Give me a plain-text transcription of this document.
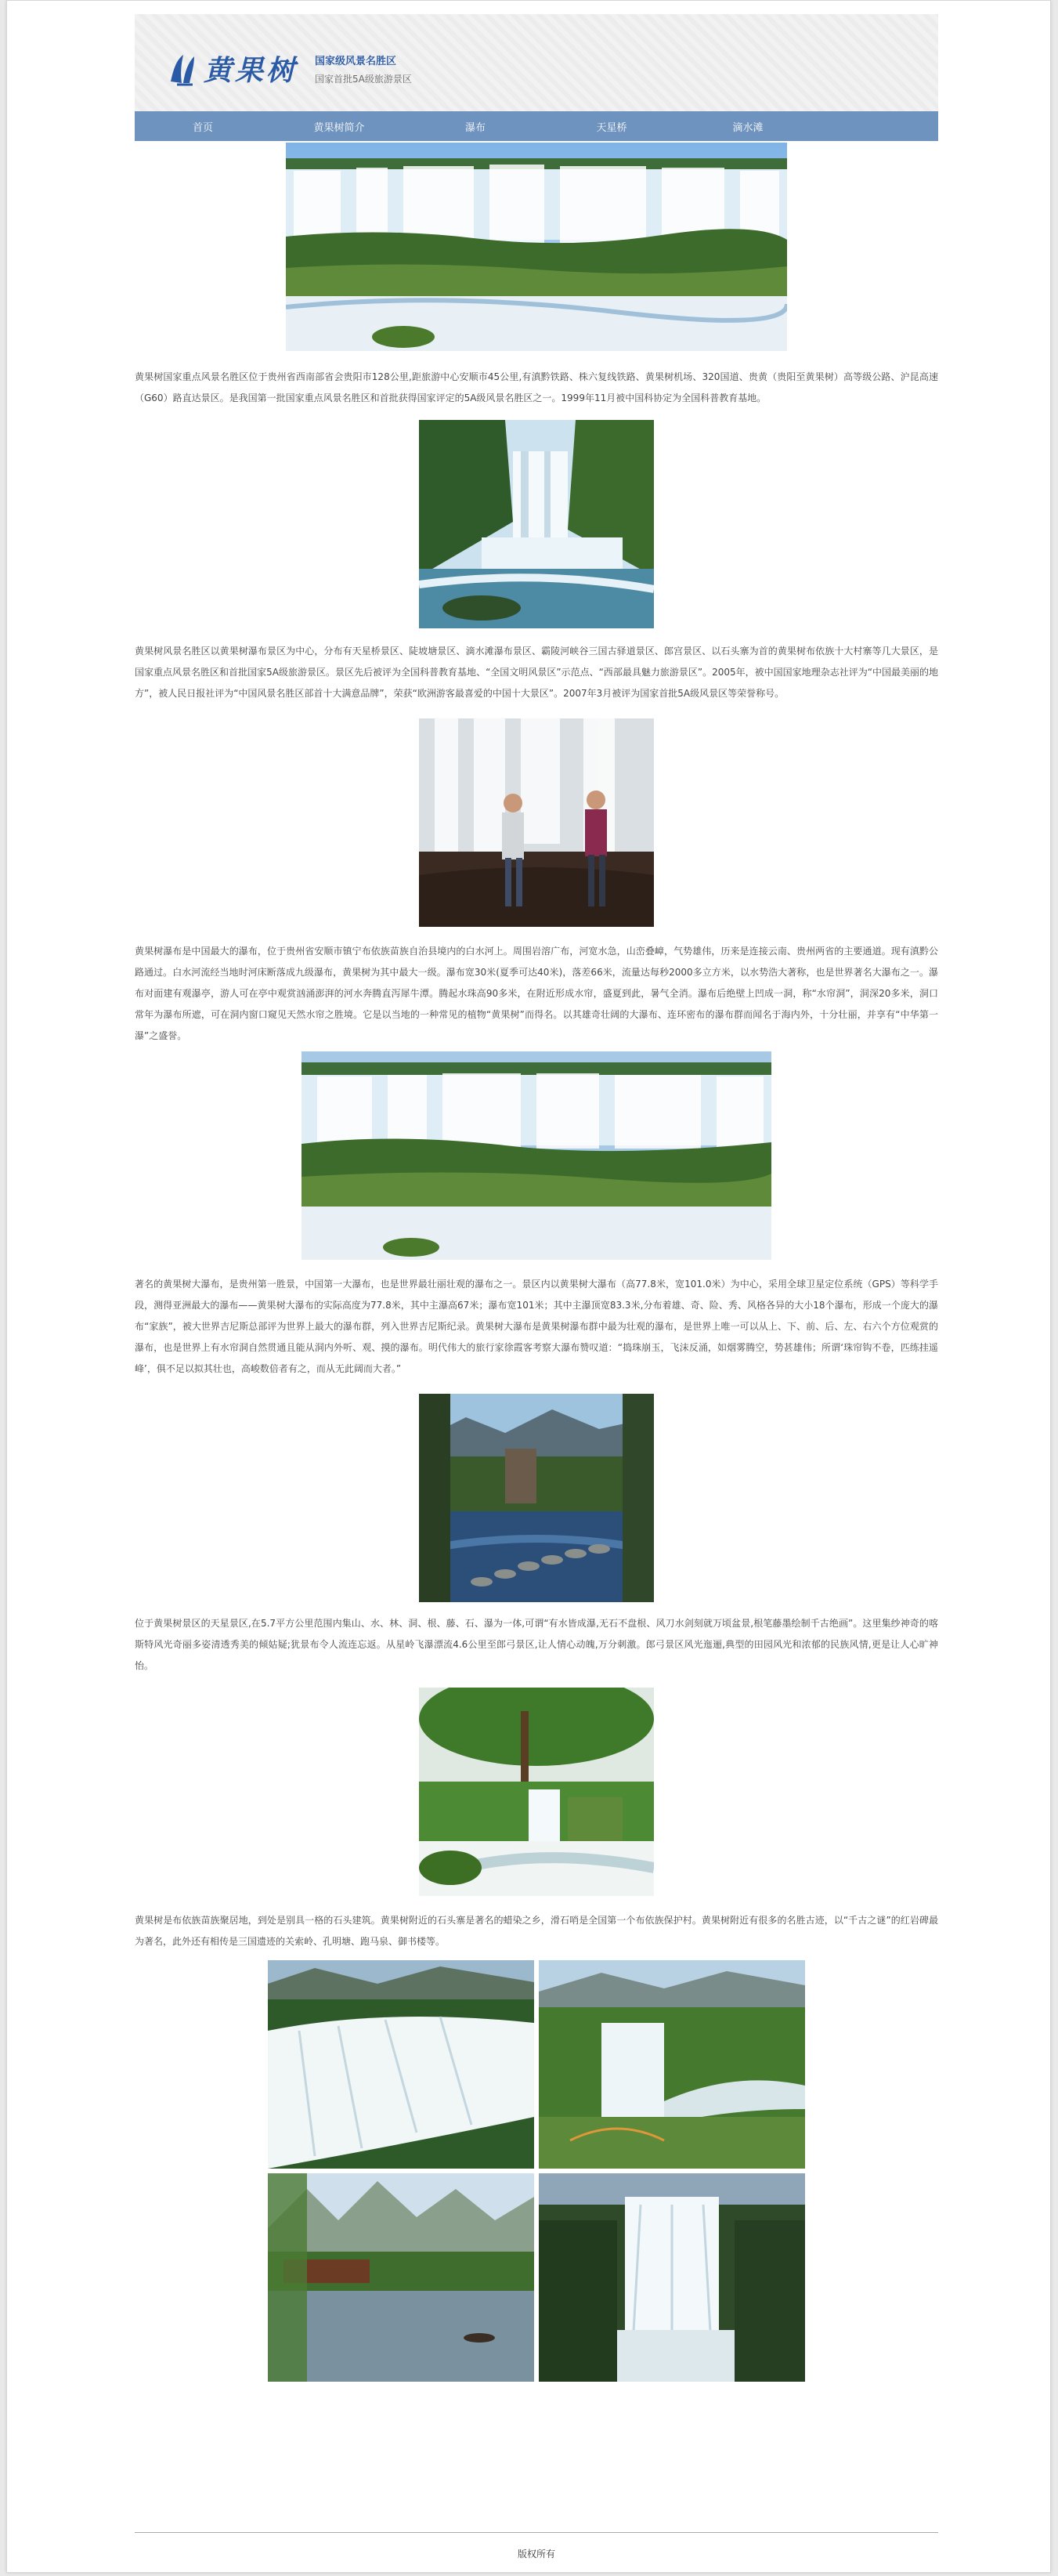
黄果树 国家级风景名胜区
国家首批5A级旅游景区
首页	黄果树简介	瀑布	天星桥	滴水滩

黄果树国家重点风景名胜区位于贵州省西南部省会贵阳市128公里,距旅游中心安顺市45公里,有滇黔铁路、株六复线铁路、黄果树机场、320国道、贵黄（贵阳至黄果树）高等级公路、沪昆高速（G60）路直达景区。是我国第一批国家重点风景名胜区和首批获得国家评定的5A级风景名胜区之一。1999年11月被中国科协定为全国科普教育基地。

黄果树风景名胜区以黄果树瀑布景区为中心，分布有天星桥景区、陡坡塘景区、滴水滩瀑布景区、霸陵河峡谷三国古驿道景区、郎宫景区、以石头寨为首的黄果树布依族十大村寨等几大景区，是国家重点风景名胜区和首批国家5A级旅游景区。景区先后被评为全国科普教育基地、“全国文明风景区”示范点、“西部最具魅力旅游景区”。2005年，被中国国家地理杂志社评为“中国最美丽的地方”，被人民日报社评为“中国风景名胜区部首十大满意品牌”，荣获“欧洲游客最喜爱的中国十大景区”。2007年3月被评为国家首批5A级风景区等荣誉称号。

黄果树瀑布是中国最大的瀑布，位于贵州省安顺市镇宁布依族苗族自治县境内的白水河上。周围岩溶广布，河宽水急，山峦叠嶂，气势雄伟，历来是连接云南、贵州两省的主要通道。现有滇黔公路通过。白水河流经当地时河床断落成九级瀑布，黄果树为其中最大一级。瀑布宽30米(夏季可达40米)，落差66米，流量达每秒2000多立方米，以水势浩大著称，也是世界著名大瀑布之一。瀑布对面建有观瀑亭，游人可在亭中观赏汹涌澎湃的河水奔腾直泻犀牛潭。腾起水珠高90多米，在附近形成水帘，盛夏到此，暑气全消。瀑布后绝壁上凹成一洞，称“水帘洞”，洞深20多米，洞口常年为瀑布所遮，可在洞内窗口窥见天然水帘之胜境。它是以当地的一种常见的植物“黄果树”而得名。以其雄奇壮阔的大瀑布、连环密布的瀑布群而闻名于海内外，十分壮丽，并享有“中华第一瀑”之盛誉。

著名的黄果树大瀑布，是贵州第一胜景，中国第一大瀑布，也是世界最壮丽壮观的瀑布之一。景区内以黄果树大瀑布（高77.8米，宽101.0米）为中心，采用全球卫星定位系统（GPS）等科学手段，测得亚洲最大的瀑布——黄果树大瀑布的实际高度为77.8米，其中主瀑高67米；瀑布宽101米；其中主瀑顶宽83.3米,分布着雄、奇、险、秀、风格各异的大小18个瀑布，形成一个庞大的瀑布“家族”，被大世界吉尼斯总部评为世界上最大的瀑布群，列入世界吉尼斯纪录。黄果树大瀑布是黄果树瀑布群中最为壮观的瀑布，是世界上唯一可以从上、下、前、后、左、右六个方位观赏的瀑布，也是世界上有水帘洞自然贯通且能从洞内外听、观、摸的瀑布。明代伟大的旅行家徐霞客考察大瀑布赞叹道：“捣珠崩玉，飞沫反涌，如烟雾腾空，势甚雄伟；所谓‘珠帘钩不卷，匹练挂遥峰’，俱不足以拟其壮也，高峻数倍者有之，而从无此阔而大者。”

位于黄果树景区的天星景区,在5.7平方公里范围内集山、水、林、洞、根、藤、石、瀑为一体,可谓“有水皆成瀑,无石不盘根、风刀水剑刻就万顷盆景,根笔藤墨绘制千古绝画”。这里集纱神奇的喀斯特风光奇丽多姿清透秀美的倾姑疑;犹景布令人流连忘返。从星岭飞瀑漂流4.6公里至郎弓景区,让人情心动魄,万分刺激。郎弓景区风光迤逦,典型的田园风光和浓郁的民族风情,更是让人心旷神怡。

黄果树是布依族苗族聚居地，到处是别具一格的石头建筑。黄果树附近的石头寨是著名的蜡染之乡，滑石哨是全国第一个布依族保护村。黄果树附近有很多的名胜古迹，以“千古之谜”的红岩碑最为著名，此外还有相传是三国遗迹的关索岭、孔明塘、跑马泉、御书楼等。

版权所有
